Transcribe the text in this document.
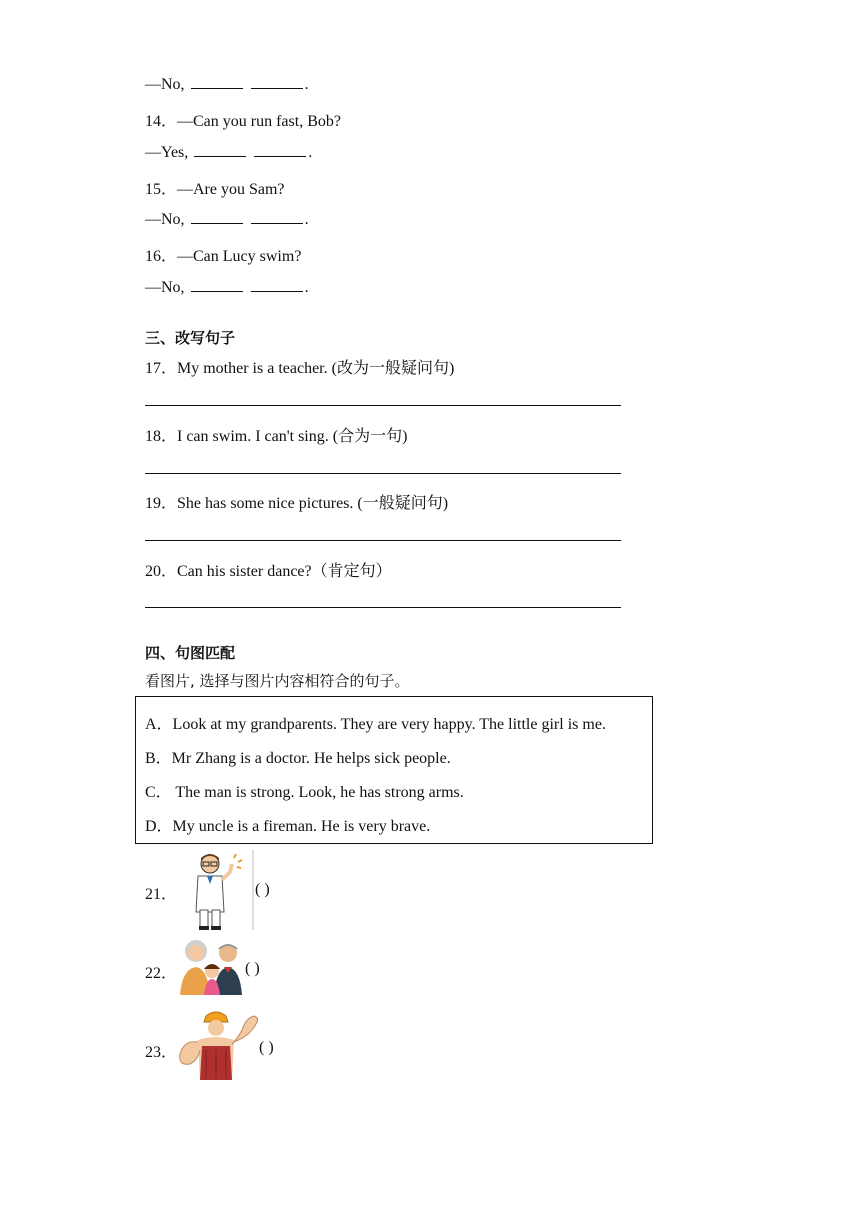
—No,	.
14．—Can you run fast, Bob?
—Yes,	.
15．—Are you Sam?
—No,	.
16．—Can Lucy swim?
—No,	.
三、改写句子
17．My mother is a teacher. (改为一般疑问句)
18．I can swim. I can't sing. (合为一句)
19．She has some nice pictures. (一般疑问句)
20．Can his sister dance?（肯定句）
四、句图匹配
看图片, 选择与图片内容相符合的句子。
A．Look at my grandparents. They are very happy. The little girl is me.
B．Mr Zhang is a doctor. He helps sick people.
C． The man is strong. Look, he has strong arms.
D．My uncle is a fireman. He is very brave.
21．	( )
22．	( )
23．	( )
